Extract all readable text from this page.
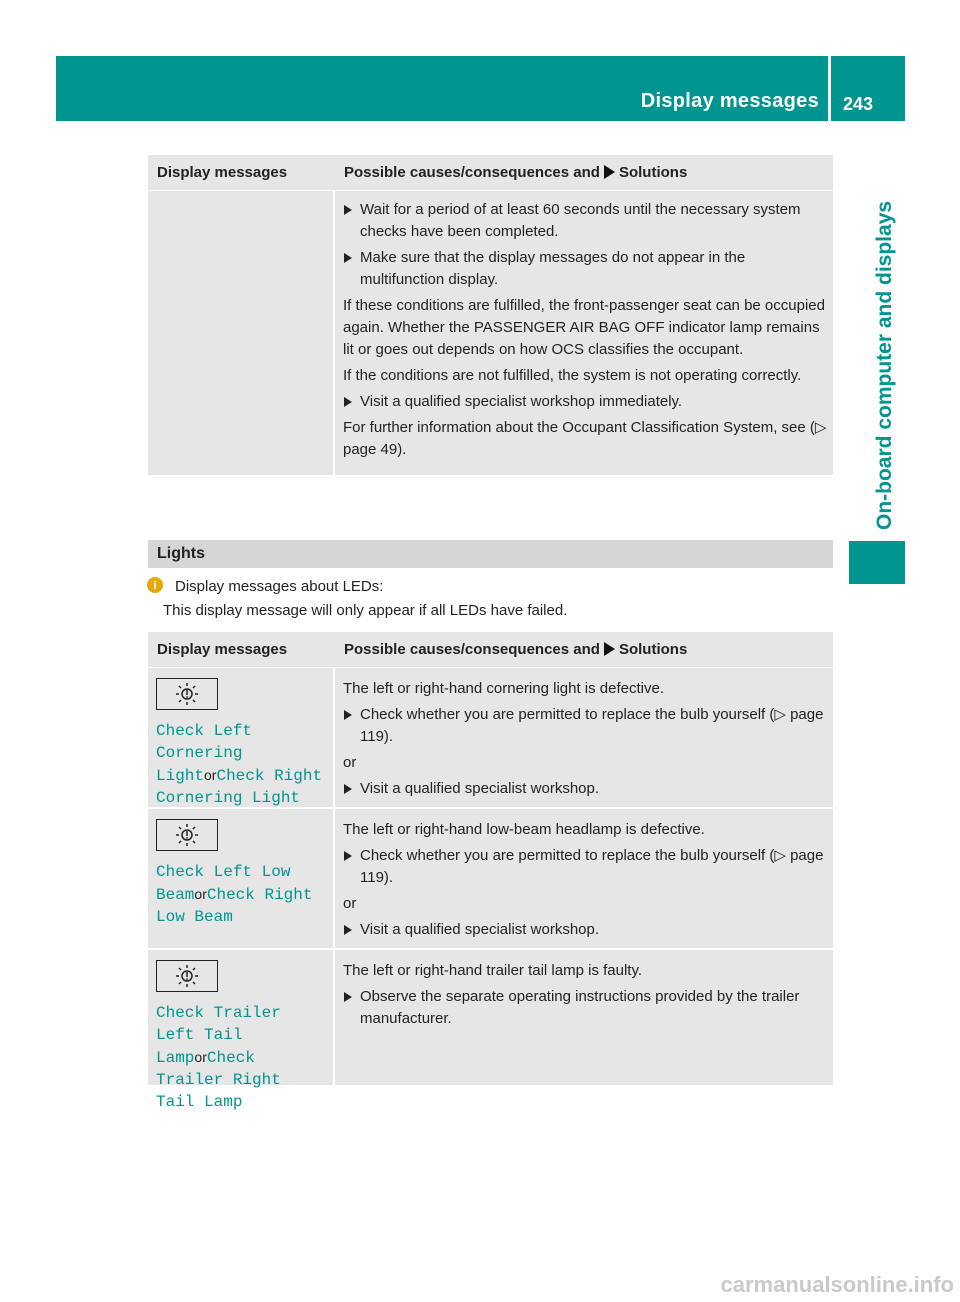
Display messages 243
On-board computer and displays
Display messages	Possible causes/consequences and Solutions
Wait for a period of at least 60 seconds until the necessary system checks have been completed.
Make sure that the display messages do not appear in the multifunction display.
If these conditions are fulfilled, the front-passenger seat can be occupied again. Whether the PASSENGER AIR BAG OFF indicator lamp remains lit or goes out depends on how OCS classifies the occupant.
If the conditions are not fulfilled, the system is not operating correctly.
Visit a qualified specialist workshop immediately.
For further information about the Occupant Classification System, see (▷ page 49).
Lights
i	Display messages about LEDs:
This display message will only appear if all LEDs have failed.
Display messages	Possible causes/consequences and Solutions
Check Left Cornering LightorCheck Right Cornering Light
The left or right-hand cornering light is defective.
Check whether you are permitted to replace the bulb yourself (▷ page 119).
or
Visit a qualified specialist workshop.
Check Left Low BeamorCheck Right Low Beam
The left or right-hand low-beam headlamp is defective.
Check whether you are permitted to replace the bulb yourself (▷ page 119).
or
Visit a qualified specialist workshop.
Check Trailer Left Tail LamporCheck Trailer Right Tail Lamp
The left or right-hand trailer tail lamp is faulty.
Observe the separate operating instructions provided by the trailer manufacturer.
carmanualsonline.info
